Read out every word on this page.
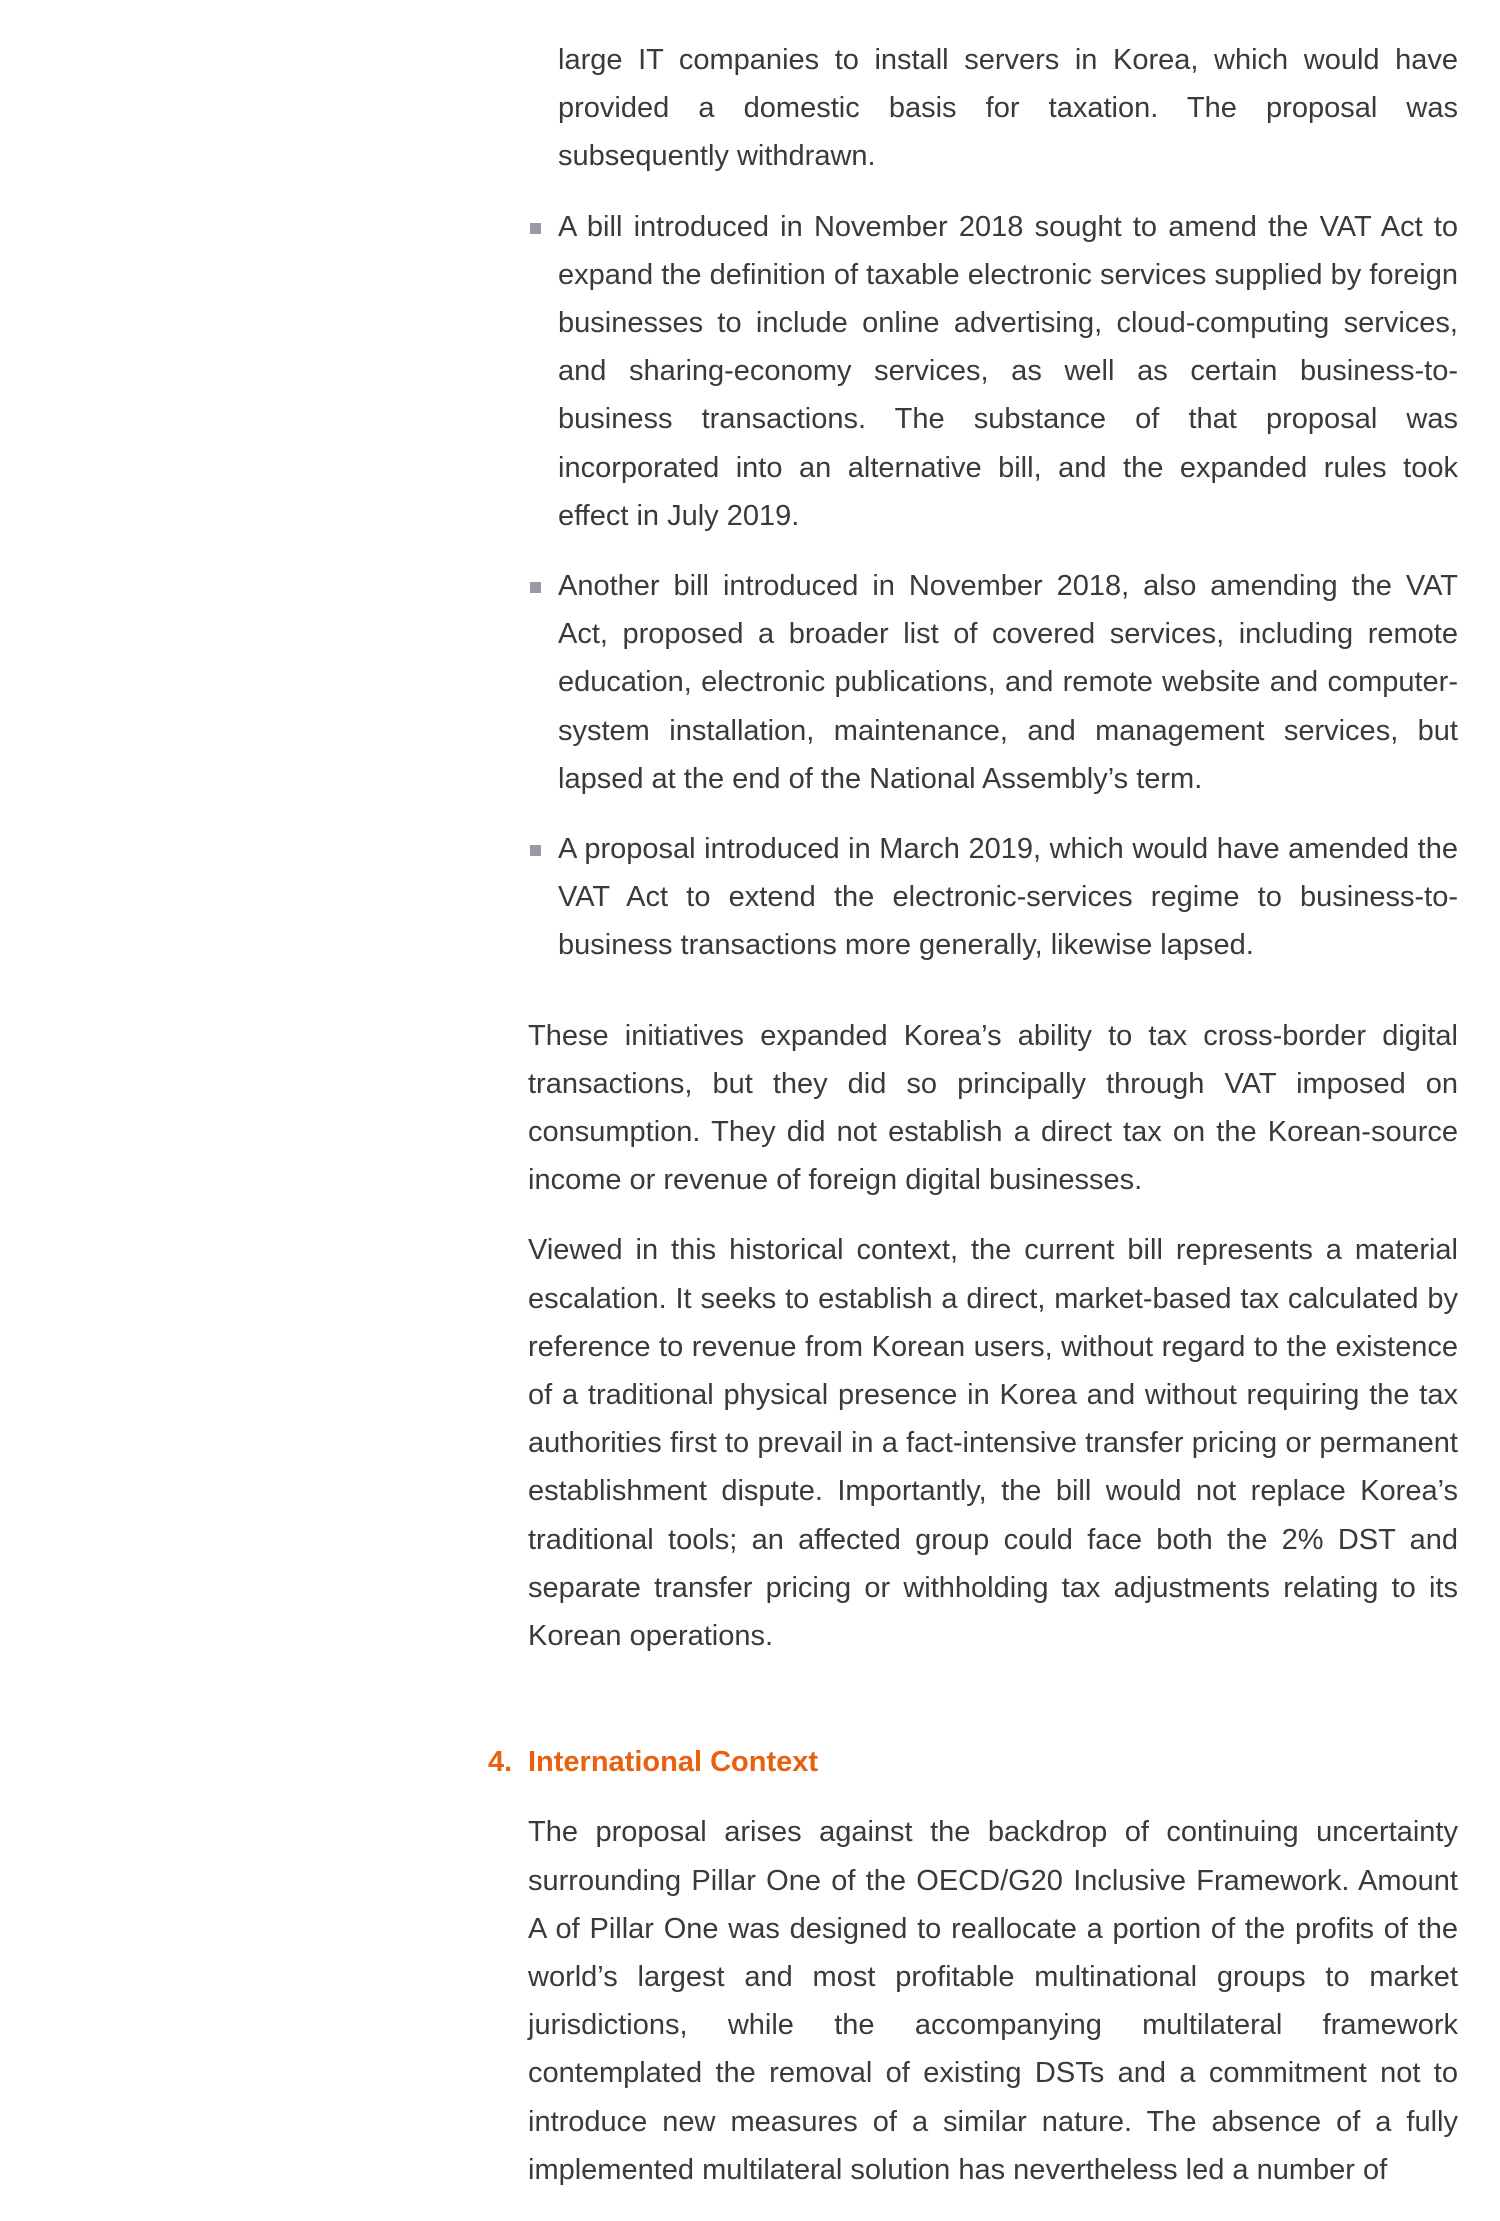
large IT companies to install servers in Korea, which would have provided a domestic basis for taxation. The proposal was subsequently withdrawn.
A bill introduced in November 2018 sought to amend the VAT Act to expand the definition of taxable electronic services supplied by foreign businesses to include online advertising, cloud-computing services, and sharing-economy services, as well as certain business-to-business transactions. The substance of that proposal was incorporated into an alternative bill, and the expanded rules took effect in July 2019.
Another bill introduced in November 2018, also amending the VAT Act, proposed a broader list of covered services, including remote education, electronic publications, and remote website and computer-system installation, maintenance, and management services, but lapsed at the end of the National Assembly’s term.
A proposal introduced in March 2019, which would have amended the VAT Act to extend the electronic-services regime to business-to-business transactions more generally, likewise lapsed.

These initiatives expanded Korea’s ability to tax cross-border digital transactions, but they did so principally through VAT imposed on consumption. They did not establish a direct tax on the Korean-source income or revenue of foreign digital businesses.

Viewed in this historical context, the current bill represents a material escalation. It seeks to establish a direct, market-based tax calculated by reference to revenue from Korean users, without regard to the existence of a traditional physical presence in Korea and without requiring the tax authorities first to prevail in a fact-intensive transfer pricing or permanent establishment dispute. Importantly, the bill would not replace Korea’s traditional tools; an affected group could face both the 2% DST and separate transfer pricing or withholding tax adjustments relating to its Korean operations.

4. International Context

The proposal arises against the backdrop of continuing uncertainty surrounding Pillar One of the OECD/G20 Inclusive Framework. Amount A of Pillar One was designed to reallocate a portion of the profits of the world’s largest and most profitable multinational groups to market jurisdictions, while the accompanying multilateral framework contemplated the removal of existing DSTs and a commitment not to introduce new measures of a similar nature. The absence of a fully implemented multilateral solution has nevertheless led a number of
